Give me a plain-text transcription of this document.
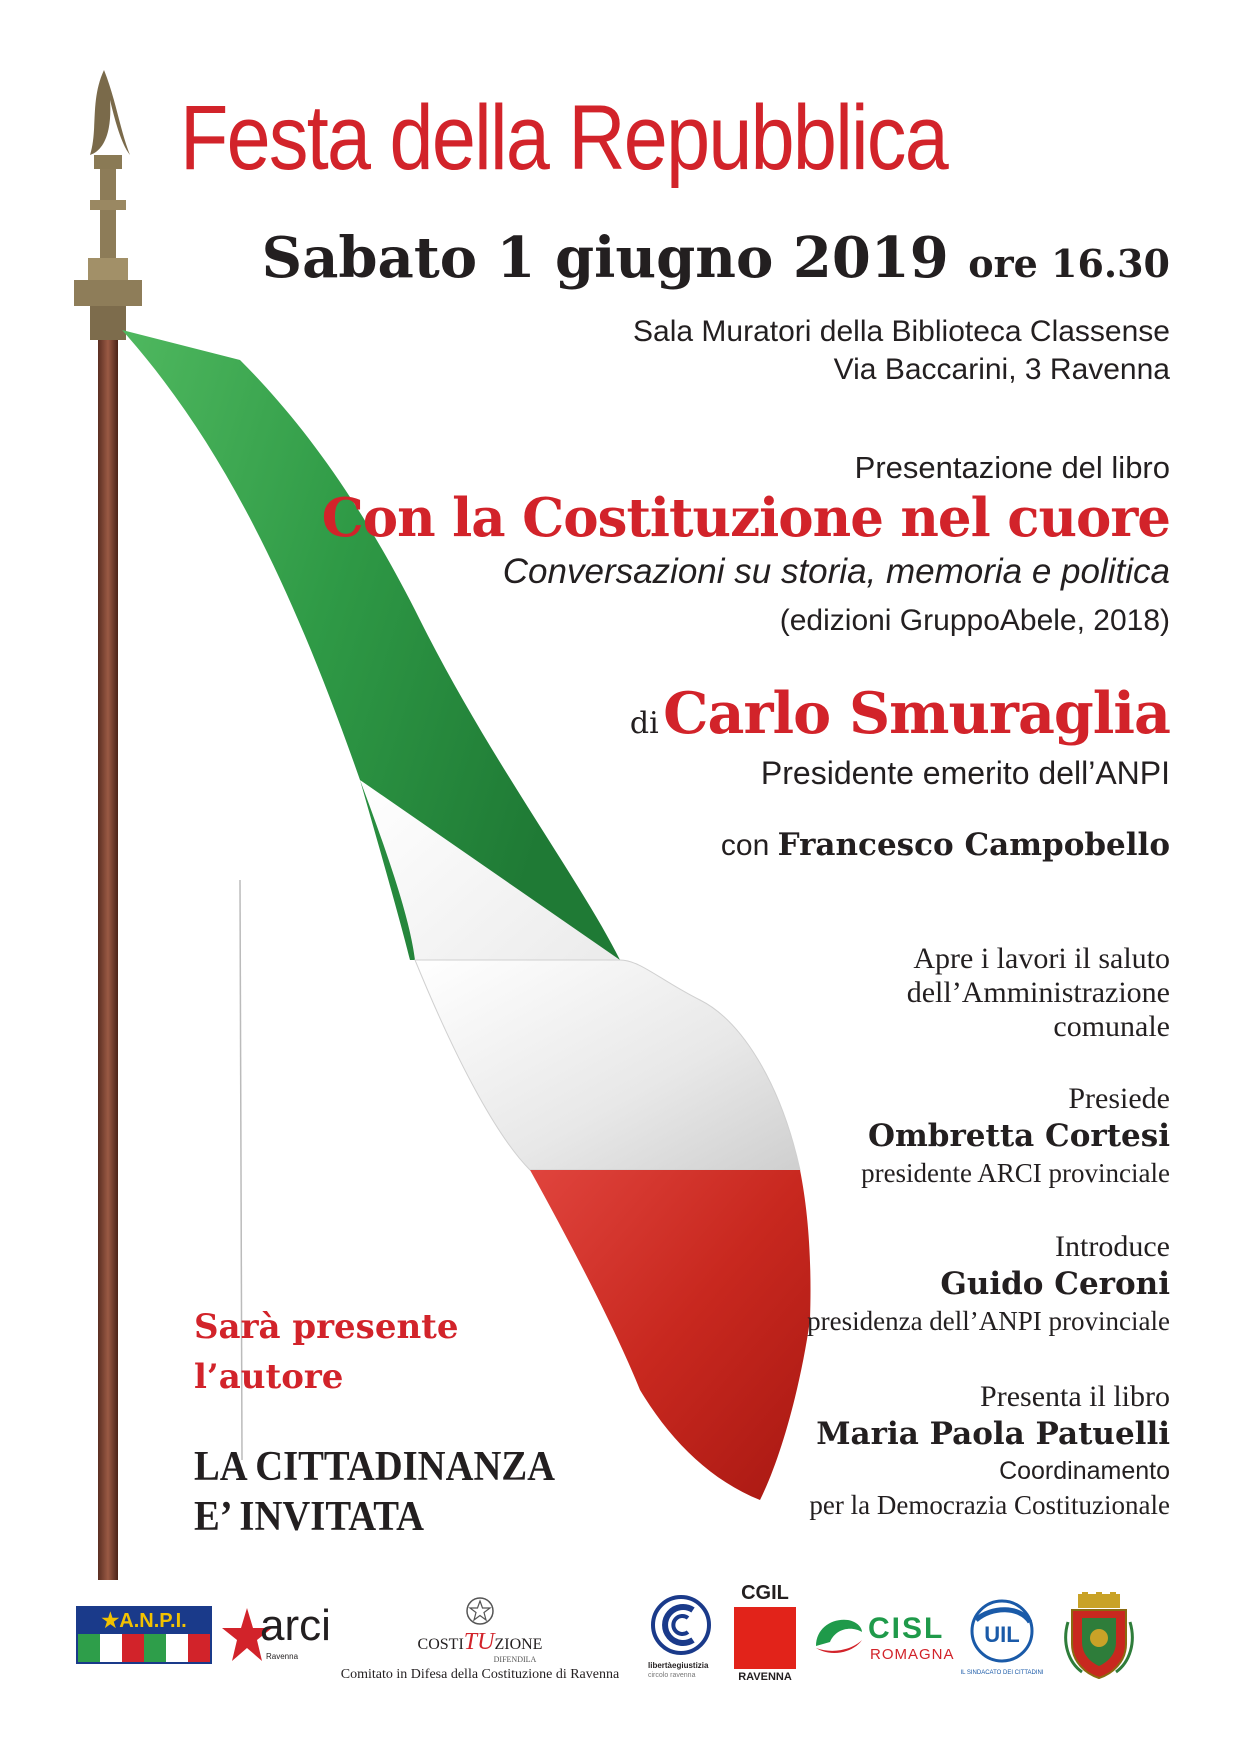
Festa della Repubblica
Sabato 1 giugno 2019 ore 16.30
Sala Muratori della Biblioteca Classense
Via Baccarini, 3 Ravenna
Presentazione del libro
Con la Costituzione nel cuore
Conversazioni su storia, memoria e politica
(edizioni GruppoAbele, 2018)
di Carlo Smuraglia
Presidente emerito dell’ANPI
con Francesco Campobello
Apre i lavori il saluto
dell’Amministrazione
comunale
Presiede
Ombretta Cortesi
presidente ARCI provinciale
Introduce
Guido Ceroni
presidenza dell’ANPI provinciale
Presenta il libro
Maria Paola Patuelli
Coordinamento
per la Democrazia Costituzionale
Sarà presente
l’autore
LA CITTADINANZA
E’ INVITATA
★A.N.P.I.	arci
Ravenna
COSTITUZIONE
DIFENDILA
Comitato in Difesa della Costituzione di Ravenna
libertàegiustizia
circolo ravenna
CGIL
RAVENNA
CISL
ROMAGNA
UIL
IL SINDACATO DEI CITTADINI
